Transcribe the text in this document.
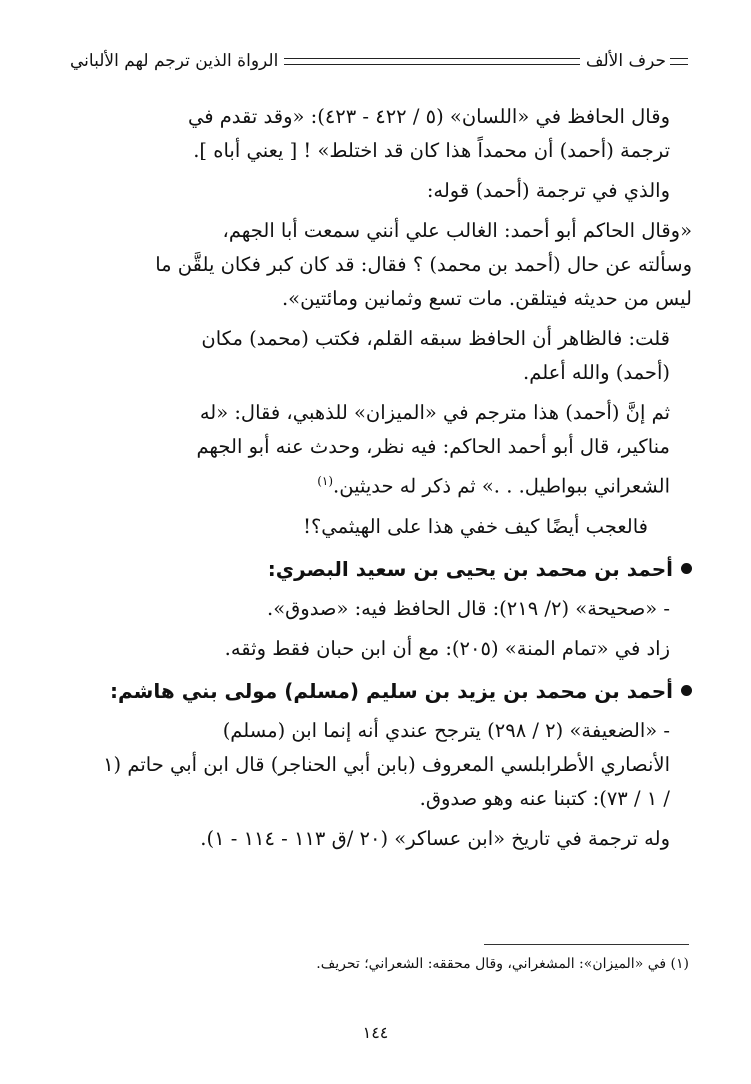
الرواة الذين ترجم لهم الألباني	حرف الألف
وقال الحافظ في «اللسان» (٥ / ٤٢٢ - ٤٢٣): «وقد تقدم في
ترجمة (أحمد) أن محمداً هذا كان قد اختلط» ! [ يعني أباه ].
والذي في ترجمة (أحمد) قوله:
«وقال الحاكم أبو أحمد: الغالب علي أنني سمعت أبا الجهم،
وسألته عن حال (أحمد بن محمد) ؟ فقال: قد كان كبر فكان يلقَّن ما
ليس من حديثه فيتلقن. مات تسع وثمانين ومائتين».
قلت: فالظاهر أن الحافظ سبقه القلم، فكتب (محمد) مكان
(أحمد) والله أعلم.
ثم إنَّ (أحمد) هذا مترجم في «الميزان» للذهبي، فقال: «له
مناكير، قال أبو أحمد الحاكم: فيه نظر، وحدث عنه أبو الجهم
الشعراني ببواطيل. . .» ثم ذكر له حديثين.$^{(١)}$
فالعجب أيضًا كيف خفي هذا على الهيثمي؟!
أحمد بن محمد بن يحيى بن سعيد البصري:
- «صحيحة» (٢/ ٢١٩): قال الحافظ فيه: «صدوق».
زاد في «تمام المنة» (٢٠٥): مع أن ابن حبان فقط وثقه.
أحمد بن محمد بن يزيد بن سليم (مسلم) مولى بني هاشم:
- «الضعيفة» (٢ / ٢٩٨) يترجح عندي أنه إنما ابن (مسلم)
الأنصاري الأطرابلسي المعروف (بابن أبي الحناجر) قال ابن أبي حاتم (١
/ ١ / ٧٣): كتبنا عنه وهو صدوق.
وله ترجمة في تاريخ «ابن عساكر» (٢٠ /ق ١١٣ - ١١٤ - ١).
(١) في «الميزان»: المشغراني، وقال محققه: الشعراني؛ تحريف.
١٤٤
